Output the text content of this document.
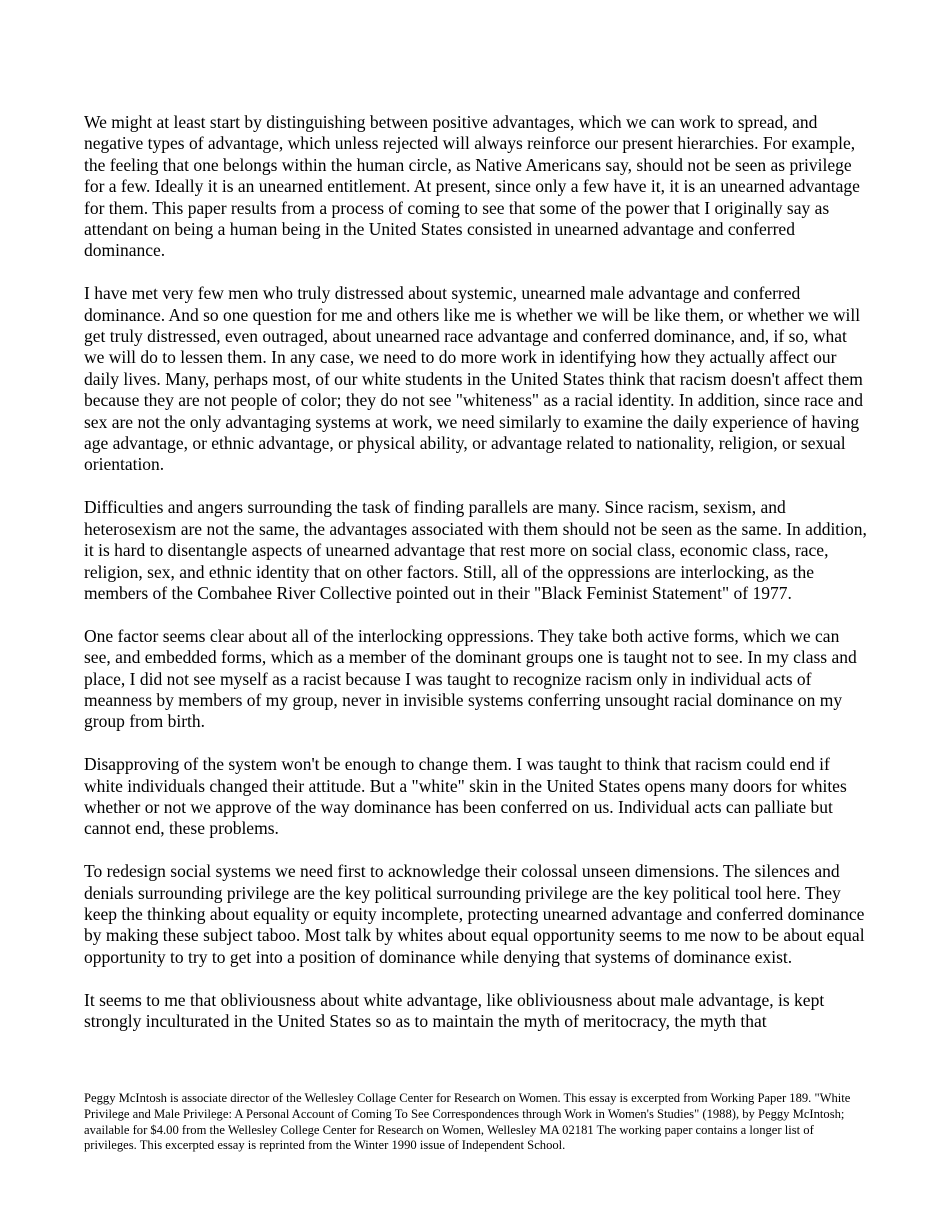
We might at least start by distinguishing between positive advantages, which we can work to spread, and negative types of advantage, which unless rejected will always reinforce our present hierarchies. For example, the feeling that one belongs within the human circle, as Native Americans say, should not be seen as privilege for a few. Ideally it is an unearned entitlement. At present, since only a few have it, it is an unearned advantage for them. This paper results from a process of coming to see that some of the power that I originally say as attendant on being a human being in the United States consisted in unearned advantage and conferred dominance.

I have met very few men who truly distressed about systemic, unearned male advantage and conferred dominance. And so one question for me and others like me is whether we will be like them, or whether we will get truly distressed, even outraged, about unearned race advantage and conferred dominance, and, if so, what we will do to lessen them. In any case, we need to do more work in identifying how they actually affect our daily lives. Many, perhaps most, of our white students in the United States think that racism doesn't affect them because they are not people of color; they do not see "whiteness" as a racial identity. In addition, since race and sex are not the only advantaging systems at work, we need similarly to examine the daily experience of having age advantage, or ethnic advantage, or physical ability, or advantage related to nationality, religion, or sexual orientation.

Difficulties and angers surrounding the task of finding parallels are many. Since racism, sexism, and heterosexism are not the same, the advantages associated with them should not be seen as the same. In addition, it is hard to disentangle aspects of unearned advantage that rest more on social class, economic class, race, religion, sex, and ethnic identity that on other factors. Still, all of the oppressions are interlocking, as the members of the Combahee River Collective pointed out in their "Black Feminist Statement" of 1977.

One factor seems clear about all of the interlocking oppressions. They take both active forms, which we can see, and embedded forms, which as a member of the dominant groups one is taught not to see. In my class and place, I did not see myself as a racist because I was taught to recognize racism only in individual acts of meanness by members of my group, never in invisible systems conferring unsought racial dominance on my group from birth.

Disapproving of the system won't be enough to change them. I was taught to think that racism could end if white individuals changed their attitude. But a "white" skin in the United States opens many doors for whites whether or not we approve of the way dominance has been conferred on us. Individual acts can palliate but cannot end, these problems.

To redesign social systems we need first to acknowledge their colossal unseen dimensions. The silences and denials surrounding privilege are the key political surrounding privilege are the key political tool here. They keep the thinking about equality or equity incomplete, protecting unearned advantage and conferred dominance by making these subject taboo. Most talk by whites about equal opportunity seems to me now to be about equal opportunity to try to get into a position of dominance while denying that systems of dominance exist.

It seems to me that obliviousness about white advantage, like obliviousness about male advantage, is kept strongly inculturated in the United States so as to maintain the myth of meritocracy, the myth that

Peggy McIntosh is associate director of the Wellesley Collage Center for Research on Women. This essay is excerpted from Working Paper 189. "White Privilege and Male Privilege: A Personal Account of Coming To See Correspondences through Work in Women's Studies" (1988), by Peggy McIntosh; available for $4.00 from the Wellesley College Center for Research on Women, Wellesley MA 02181 The working paper contains a longer list of privileges. This excerpted essay is reprinted from the Winter 1990 issue of Independent School.
